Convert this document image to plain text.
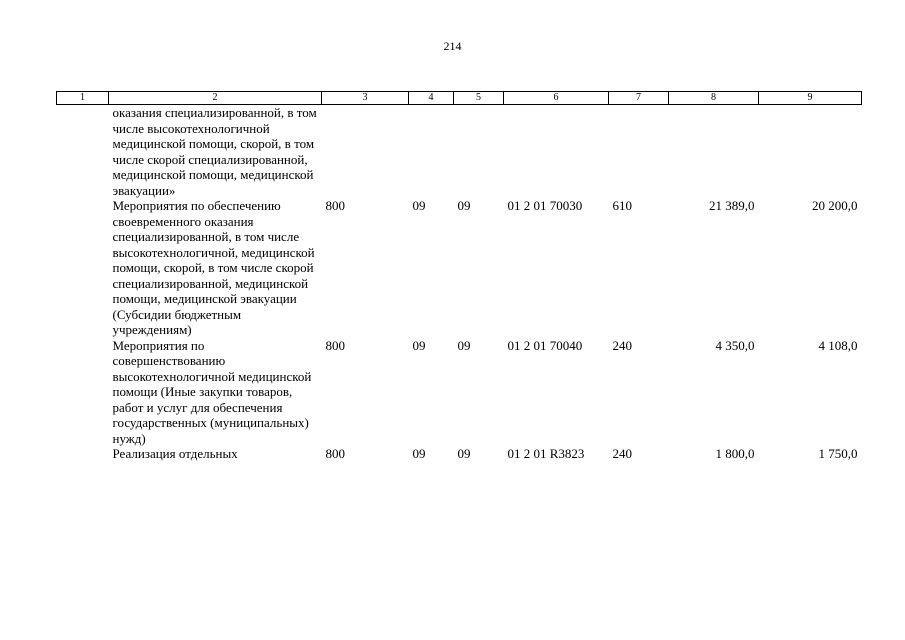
214
1	2	3	4	5	6	7	8	9
	оказания специализированной, в том числе высокотехнологичной медицинской помощи, скорой, в том числе скорой специализированной, медицинской помощи, медицинской эвакуации»							
	Мероприятия по обеспечению своевременного оказания специализированной, в том числе высокотехнологичной, медицинской помощи, скорой, в том числе скорой специализированной, медицинской помощи, медицинской эвакуации (Субсидии бюджетным учреждениям)	800	09	09	01 2 01 70030	610	21 389,0	20 200,0
	Мероприятия по совершенствованию высокотехнологичной медицинской помощи (Иные закупки товаров, работ и услуг для обеспечения государственных (муниципальных) нужд)	800	09	09	01 2 01 70040	240	4 350,0	4 108,0
	Реализация отдельных	800	09	09	01 2 01 R3823	240	1 800,0	1 750,0
